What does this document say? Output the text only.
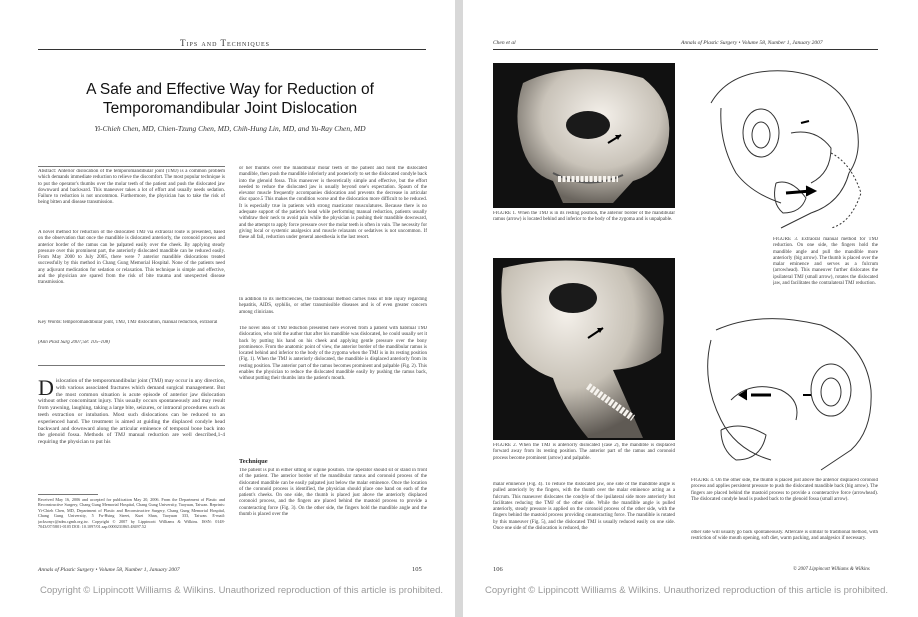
Tips and Techniques
A Safe and Effective Way for Reduction of
Temporomandibular Joint Dislocation
Yi-Chieh Chen, MD, Chien-Tzung Chen, MD, Chih-Hung Lin, MD, and Yu-Ray Chen, MD
Abstract: Anterior dislocation of the temporomandibular joint (TMJ) is a common problem which demands immediate reduction to relieve the discomfort. The most popular technique is to put the operator's thumbs over the molar teeth of the patient and push the dislocated jaw downward and backward. This maneuver takes a lot of effort and usually needs sedation. Failure to reduction is not uncommon. Furthermore, the physician has to take the risk of being bitten and disease transmission.
A novel method for reduction of the dislocated TMJ via extraoral route is presented, based on the observation that once the mandible is dislocated anteriorly, the coronoid process and anterior border of the ramus can be palpated easily over the cheek. By applying steady pressure over this prominent part, the anteriorly dislocated mandible can be reduced easily. From May 2000 to July 2005, there were 7 anterior mandible dislocations treated successfully by this method in Chang Gung Memorial Hospital. None of the patients need any adjuvant medication for sedation or relaxation. This technique is simple and effective, and the physician are spared from the risk of bite trauma and unexpected disease transmission.
Key Words: temporomandibular joint, TMJ, TMJ dislocation, manual reduction, extraoral
(Ann Plast Surg 2007;58: 105–108)
Dislocation of the temporomandibular joint (TMJ) may occur in any direction, with various associated fractures which demand surgical management. But the most common situation is acute episode of anterior jaw dislocation without other concomitant injury. This usually occurs spontaneously and may result from yawning, laughing, taking a large bite, seizures, or intraoral procedures such as teeth extraction or intubation. Most such dislocations can be reduced to an experienced hand. The treatment is aimed at guiding the displaced condyle head backward and downward along the articular eminence of temporal bone back into the glenoid fossa. Methods of TMJ manual reduction are well described,1-4 requiring the physician to put his
Received May 16, 2006 and accepted for publication May 20, 2006. From the Department of Plastic and Reconstructive Surgery, Chang Gung Memorial Hospital, Chang Gung University, Taoyuan, Taiwan. Reprints: Yi-Chieh Chen, MD, Department of Plastic and Reconstructive Surgery, Chang Gung Memorial Hospital, Chang Gung University, 5 Fu-Hsing Street, Kuei Shan, Taoyuan 333, Taiwan. E-mail: jacksonyc@adm.cgmh.org.tw. Copyright © 2007 by Lippincott Williams & Wilkins. ISSN: 0148-7043/07/5801-0105 DOI: 10.1097/01.sap.0000231865.48497.52
or her thumbs over the mandibular molar teeth of the patient and hold the dislocated mandible, then push the mandible inferiorly and posteriorly to set the dislocated condyle back into the glenoid fossa. This maneuver is theoretically simple and effective, but the effort needed to reduce the dislocated jaw is usually beyond one's expectation. Spasm of the elevator muscle frequently accompanies dislocation and prevents the decrease in articular disc space.5 This makes the condition worse and the dislocation more difficult to be reduced. It is especially true in patients with strong masticator musculatures. Because there is no adequate support of the patient's head while performing manual reduction, patients usually withdraw their neck to avoid pain while the physician is pushing their mandible downward, and the attempt to apply force pressure over the molar teeth is often in vain. The necessity for giving local or systemic analgesics and muscle relaxants or sedatives is not uncommon. If these all fail, reduction under general anesthesia is the last resort.
In addition to its inefficiencies, the traditional method carries risks of bite injury regarding hepatitis, AIDS, syphilis, or other transmissible diseases and is of even greater concern among clinicians.
The novel idea of TMJ reduction presented here evolved from a patient with habitual TMJ dislocation, who told the author that after his mandible was dislocated, he could usually set it back by putting his hand on his cheek and applying gentle pressure over the bony prominence. From the anatomic point of view, the anterior border of the mandibular ramus is located behind and inferior to the body of the zygoma when the TMJ is in its resting position (Fig. 1). When the TMJ is anteriorly dislocated, the mandible is displaced anteriorly from its resting position. The anterior part of the ramus becomes prominent and palpable (Fig. 2). This enables the physician to reduce the dislocated mandible easily by pushing the ramus back, without putting their thumbs into the patient's mouth.
Technique
The patient is put in either sitting or supine position. The operator should sit or stand in front of the patient. The anterior border of the mandibular ramus and coronoid process of the dislocated mandible can be easily palpated just below the malar eminence. Once the location of the coronoid process is identified, the physician should place one hand on each of the patient's cheeks. On one side, the thumb is placed just above the anteriorly displaced coronoid process, and the fingers are placed behind the mastoid process to provide a counteracting force (Fig. 3). On the other side, the fingers hold the mandible angle and the thumb is placed over the
Annals of Plastic Surgery • Volume 58, Number 1, January 2007	105
Copyright © Lippincott Williams & Wilkins. Unauthorized reproduction of this article is prohibited.
Chen et al	Annals of Plastic Surgery • Volume 58, Number 1, January 2007
FIGURE 1. When the TMJ is in its resting position, the anterior border of the mandibular ramus (arrow) is located behind and inferior to the body of the zygoma and is unpalpable.
FIGURE 2. When the TMJ is anteriorly dislocated (case 2), the mandible is displaced forward away from its resting position. The anterior part of the ramus and coronoid process become prominent (arrow) and palpable.
FIGURE 3. Extraoral manual method for TMJ reduction. On one side, the fingers hold the mandible angle and pull the mandible more anteriorly (big arrow). The thumb is placed over the malar eminence and serves as a fulcrum (arrowhead). This maneuver further dislocates the ipsilateral TMJ (small arrow), rotates the dislocated jaw, and facilitates the contralateral TMJ reduction.
FIGURE 4. On the other side, the thumb is placed just above the anterior displaced coronoid process and applies persistent pressure to push the dislocated mandible back (big arrow). The fingers are placed behind the mastoid process to provide a counteractive force (arrowhead). The dislocated condyle head is pushed back to the glenoid fossa (small arrow).
malar eminence (Fig. 4). To reduce the dislocated jaw, one side of the mandible angle is pulled anteriorly by the fingers, with the thumb over the malar eminence acting as a fulcrum. This maneuver dislocates the condyle of the ipsilateral side more anteriorly but facilitates reducing the TMJ of the other side. While the mandible angle is pulled anteriorly, steady pressure is applied on the coronoid process of the other side, with the fingers behind the mastoid process providing counteracting force. The mandible is rotated by this maneuver (Fig. 5), and the dislocated TMJ is usually reduced easily on one side. Once one side of the dislocation is reduced, the
other side will usually go back spontaneously. Aftercare is similar to traditional method, with restriction of wide mouth opening, soft diet, warm packing, and analgesics if necessary.
106	© 2007 Lippincott Williams & Wilkins
Copyright © Lippincott Williams & Wilkins. Unauthorized reproduction of this article is prohibited.
